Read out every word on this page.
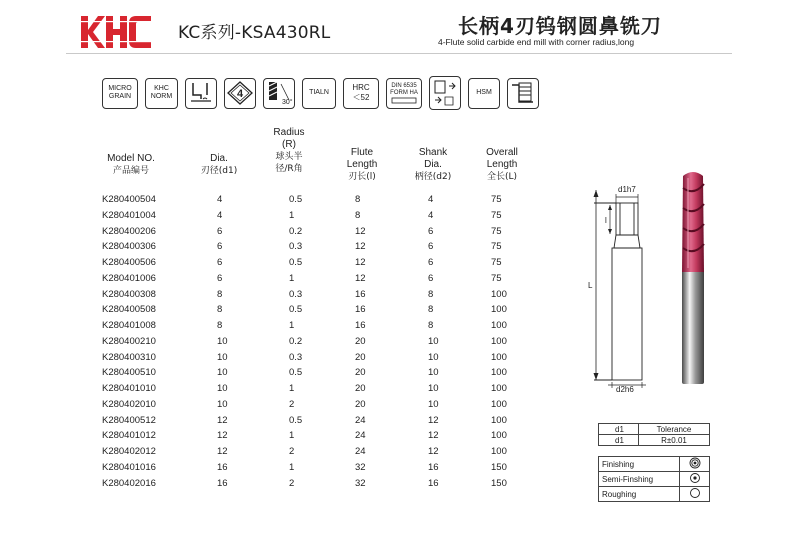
KC系列-KSA430RL	长柄4刃钨钢圆鼻铣刀
4-Flute solid carbide end mill with corner radius,long
MICRO
GRAIN
KHC
NORM	4
30°
TIALN
HRC
＜52
DIN 6535
FORM HA	HSM
Model NO.
产品编号
Dia.
刃径(d1)
Radius
(R)
球头半
径/R角
Flute
Length
刃长(l)
Shank
Dia.
柄径(d2)
Overall
Length
全长(L)
K280400504	4	0.5	8	4	75
K280401004	4	1	8	4	75
K280400206	6	0.2	12	6	75
K280400306	6	0.3	12	6	75
K280400506	6	0.5	12	6	75
K280401006	6	1	12	6	75
K280400308	8	0.3	16	8	100
K280400508	8	0.5	16	8	100
K280401008	8	1	16	8	100
K280400210	10	0.2	20	10	100
K280400310	10	0.3	20	10	100
K280400510	10	0.5	20	10	100
K280401010	10	1	20	10	100
K280402010	10	2	20	10	100
K280400512	12	0.5	24	12	100
K280401012	12	1	24	12	100
K280402012	12	2	24	12	100
K280401016	16	1	32	16	150
K280402016	16	2	32	16	150
L
d1h7
l
d2h6
d1	Tolerance
d1	R±0.01
Finishing	
Semi-Finshing	
Roughing	
